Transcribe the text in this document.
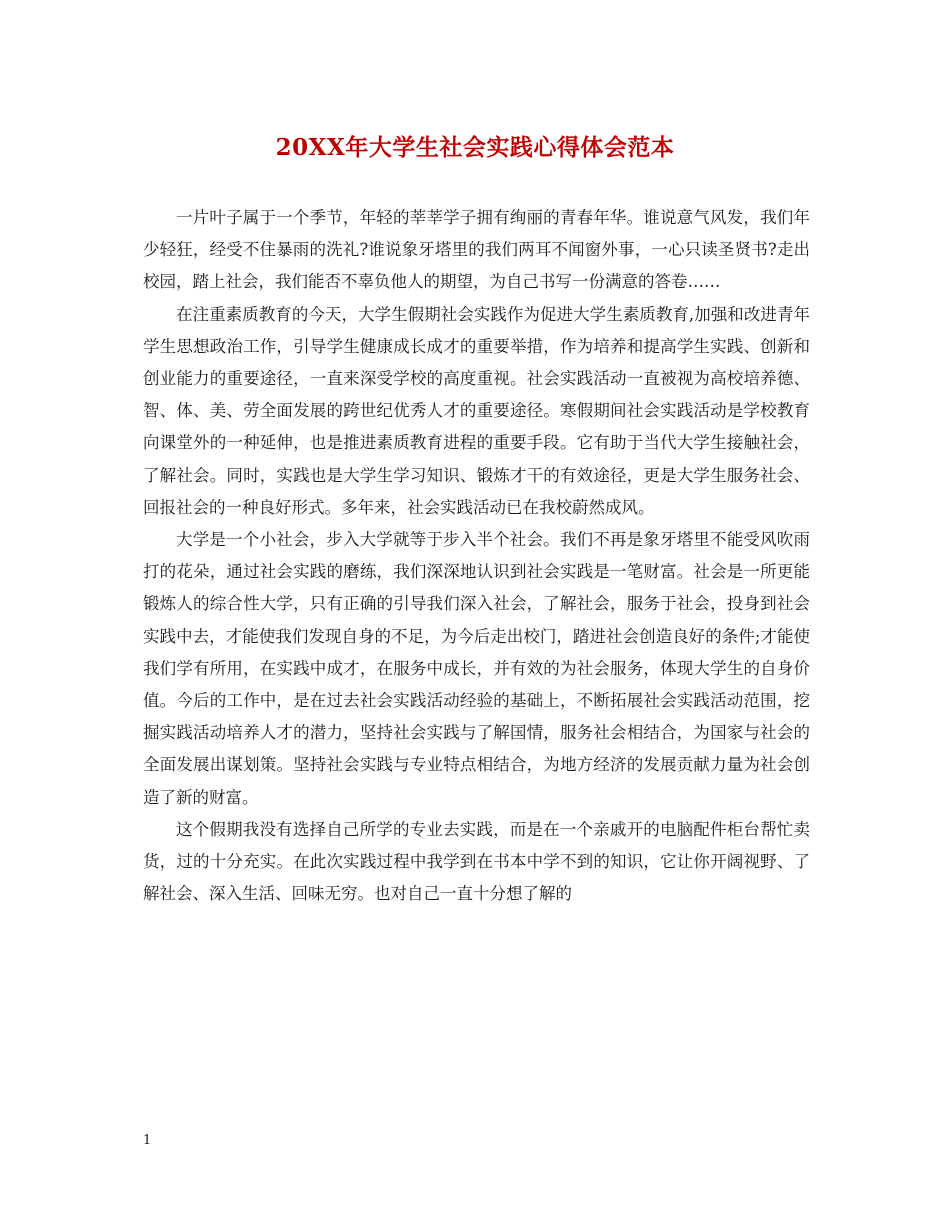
20XX年大学生社会实践心得体会范本

一片叶子属于一个季节，年轻的莘莘学子拥有绚丽的青春年华。谁说意气风发，我们年少轻狂，经受不住暴雨的洗礼?谁说象牙塔里的我们两耳不闻窗外事，一心只读圣贤书?走出校园，踏上社会，我们能否不辜负他人的期望，为自己书写一份满意的答卷……

在注重素质教育的今天，大学生假期社会实践作为促进大学生素质教育,加强和改进青年学生思想政治工作，引导学生健康成长成才的重要举措，作为培养和提高学生实践、创新和创业能力的重要途径，一直来深受学校的高度重视。社会实践活动一直被视为高校培养德、智、体、美、劳全面发展的跨世纪优秀人才的重要途径。寒假期间社会实践活动是学校教育向课堂外的一种延伸，也是推进素质教育进程的重要手段。它有助于当代大学生接触社会，了解社会。同时，实践也是大学生学习知识、锻炼才干的有效途径，更是大学生服务社会、回报社会的一种良好形式。多年来，社会实践活动已在我校蔚然成风。

大学是一个小社会，步入大学就等于步入半个社会。我们不再是象牙塔里不能受风吹雨打的花朵，通过社会实践的磨练，我们深深地认识到社会实践是一笔财富。社会是一所更能锻炼人的综合性大学，只有正确的引导我们深入社会，了解社会，服务于社会，投身到社会实践中去，才能使我们发现自身的不足，为今后走出校门，踏进社会创造良好的条件;才能使我们学有所用，在实践中成才，在服务中成长，并有效的为社会服务，体现大学生的自身价值。今后的工作中，是在过去社会实践活动经验的基础上，不断拓展社会实践活动范围，挖掘实践活动培养人才的潜力，坚持社会实践与了解国情，服务社会相结合，为国家与社会的全面发展出谋划策。坚持社会实践与专业特点相结合，为地方经济的发展贡献力量为社会创造了新的财富。

这个假期我没有选择自己所学的专业去实践，而是在一个亲戚开的电脑配件柜台帮忙卖货，过的十分充实。在此次实践过程中我学到在书本中学不到的知识，它让你开阔视野、了解社会、深入生活、回味无穷。也对自己一直十分想了解的

1
